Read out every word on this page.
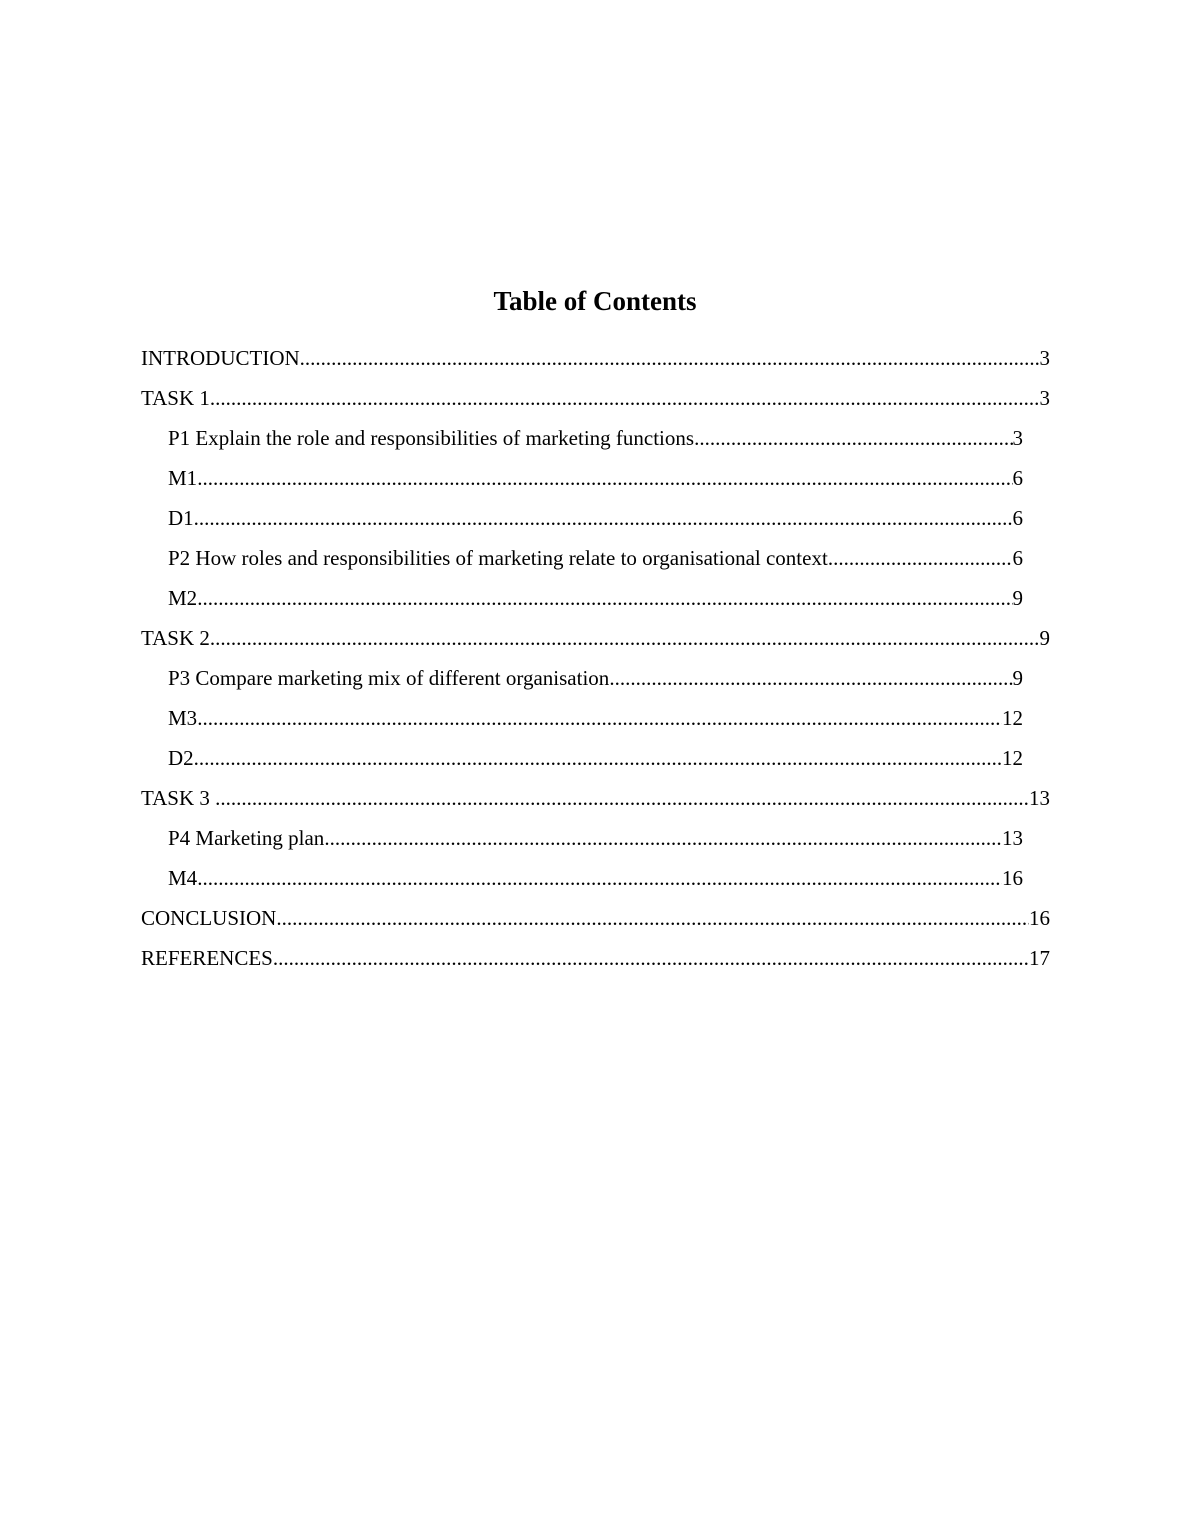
Table of Contents
INTRODUCTION .....	3
TASK 1 .....	3
P1 Explain the role and responsibilities of marketing functions .....	3
M1 .....	6
D1 .....	6
P2 How roles and responsibilities of marketing relate to organisational context .....	6
M2 .....	9
TASK 2 .....	9
P3 Compare marketing mix of different organisation .....	9
M3 .....	12
D2 .....	12
TASK 3 .....	13
P4 Marketing plan .....	13
M4 .....	16
CONCLUSION .....	16
REFERENCES .....	17
